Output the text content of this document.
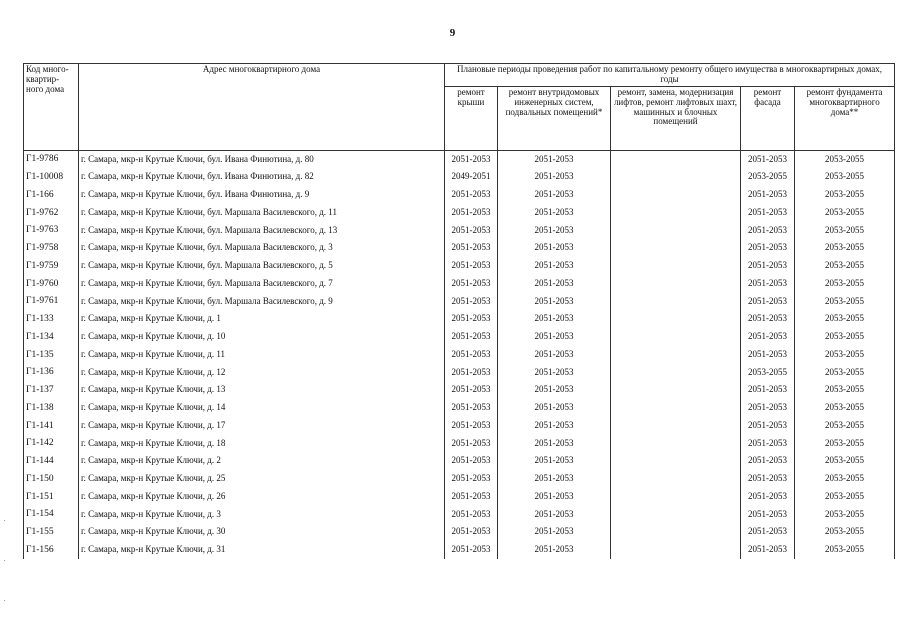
9
Код много-квартир-ного дома	Адрес многоквартирного дома	Плановые периоды проведения работ по капитальному ремонту общего имущества в многоквартирных домах, годы				
		ремонт крыши	ремонт внутридомовых инженерных систем, подвальных помещений*	ремонт, замена, модернизация лифтов, ремонт лифтовых шахт, машинных и блочных помещений	ремонт фасада	ремонт фундамента многоквартирного дома**
Г1-9786	г. Самара, мкр-н Крутые Ключи, бул. Ивана Финютина, д. 80	2051-2053	2051-2053		2051-2053	2053-2055
Г1-10008	г. Самара, мкр-н Крутые Ключи, бул. Ивана Финютина, д. 82	2049-2051	2051-2053		2053-2055	2053-2055
Г1-166	г. Самара, мкр-н Крутые Ключи, бул. Ивана Финютина, д. 9	2051-2053	2051-2053		2051-2053	2053-2055
Г1-9762	г. Самара, мкр-н Крутые Ключи, бул. Маршала Василевского, д. 11	2051-2053	2051-2053		2051-2053	2053-2055
Г1-9763	г. Самара, мкр-н Крутые Ключи, бул. Маршала Василевского, д. 13	2051-2053	2051-2053		2051-2053	2053-2055
Г1-9758	г. Самара, мкр-н Крутые Ключи, бул. Маршала Василевского, д. 3	2051-2053	2051-2053		2051-2053	2053-2055
Г1-9759	г. Самара, мкр-н Крутые Ключи, бул. Маршала Василевского, д. 5	2051-2053	2051-2053		2051-2053	2053-2055
Г1-9760	г. Самара, мкр-н Крутые Ключи, бул. Маршала Василевского, д. 7	2051-2053	2051-2053		2051-2053	2053-2055
Г1-9761	г. Самара, мкр-н Крутые Ключи, бул. Маршала Василевского, д. 9	2051-2053	2051-2053		2051-2053	2053-2055
Г1-133	г. Самара, мкр-н Крутые Ключи, д. 1	2051-2053	2051-2053		2051-2053	2053-2055
Г1-134	г. Самара, мкр-н Крутые Ключи, д. 10	2051-2053	2051-2053		2051-2053	2053-2055
Г1-135	г. Самара, мкр-н Крутые Ключи, д. 11	2051-2053	2051-2053		2051-2053	2053-2055
Г1-136	г. Самара, мкр-н Крутые Ключи, д. 12	2051-2053	2051-2053		2053-2055	2053-2055
Г1-137	г. Самара, мкр-н Крутые Ключи, д. 13	2051-2053	2051-2053		2051-2053	2053-2055
Г1-138	г. Самара, мкр-н Крутые Ключи, д. 14	2051-2053	2051-2053		2051-2053	2053-2055
Г1-141	г. Самара, мкр-н Крутые Ключи, д. 17	2051-2053	2051-2053		2051-2053	2053-2055
Г1-142	г. Самара, мкр-н Крутые Ключи, д. 18	2051-2053	2051-2053		2051-2053	2053-2055
Г1-144	г. Самара, мкр-н Крутые Ключи, д. 2	2051-2053	2051-2053		2051-2053	2053-2055
Г1-150	г. Самара, мкр-н Крутые Ключи, д. 25	2051-2053	2051-2053		2051-2053	2053-2055
Г1-151	г. Самара, мкр-н Крутые Ключи, д. 26	2051-2053	2051-2053		2051-2053	2053-2055
Г1-154	г. Самара, мкр-н Крутые Ключи, д. 3	2051-2053	2051-2053		2051-2053	2053-2055
Г1-155	г. Самара, мкр-н Крутые Ключи, д. 30	2051-2053	2051-2053		2051-2053	2053-2055
Г1-156	г. Самара, мкр-н Крутые Ключи, д. 31	2051-2053	2051-2053		2051-2053	2053-2055
